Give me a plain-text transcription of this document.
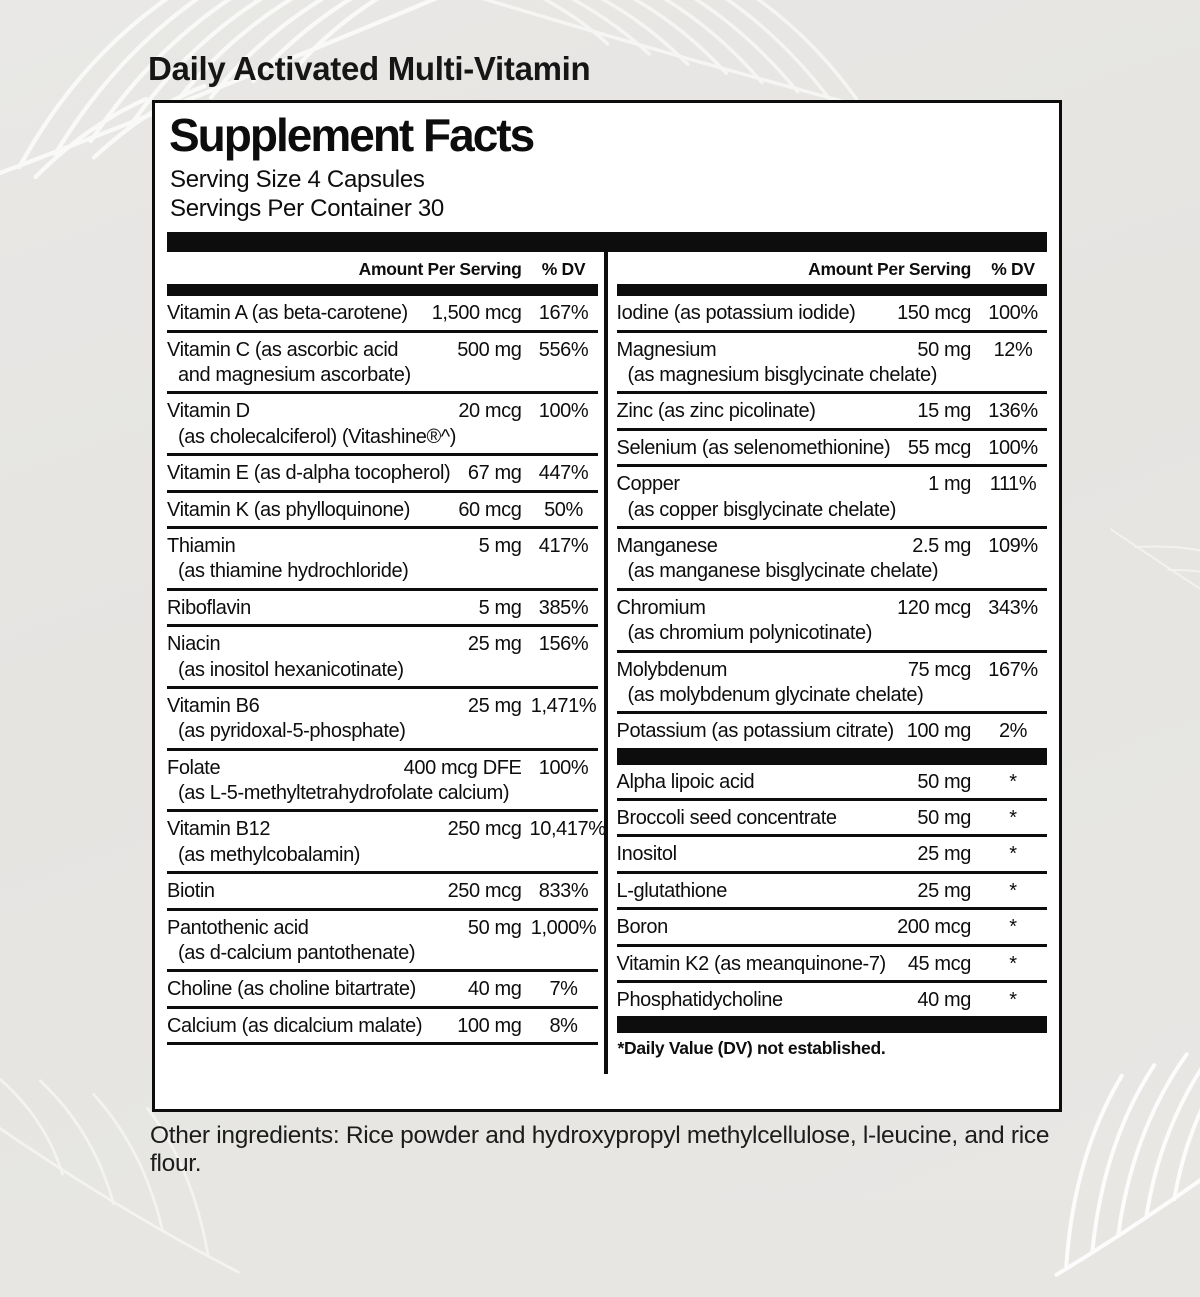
Daily Activated Multi-Vitamin
Supplement Facts
Serving Size 4 Capsules
Servings Per Container 30
Amount Per Serving	% DV
Vitamin A (as beta-carotene)	1,500 mcg 167%
Vitamin C (as ascorbic acid
and magnesium ascorbate)
500 mg 556%
Vitamin D
(as cholecalciferol) (Vitashine®^)
20 mcg 100%
Vitamin E (as d-alpha tocopherol) 67 mg 447%
Vitamin K (as phylloquinone)	60 mcg	50%
Thiamin
(as thiamine hydrochloride)
5 mg 417%
Riboflavin	5 mg 385%
Niacin
(as inositol hexanicotinate)
25 mg 156%
Vitamin B6
(as pyridoxal-5-phosphate)
25 mg 1,471%
Folate
(as L-5-methyltetrahydrofolate calcium)
400 mcg DFE 100%
Vitamin B12
(as methylcobalamin)
250 mcg 10,417%
Biotin	250 mcg 833%
Pantothenic acid
(as d-calcium pantothenate)
50 mg 1,000%
Choline (as choline bitartrate)	40 mg	7%
Calcium (as dicalcium malate)	100 mg	8%
Amount Per Serving	% DV
Iodine (as potassium iodide)	150 mcg 100%
Magnesium
(as magnesium bisglycinate chelate)
50 mg	12%
Zinc (as zinc picolinate)	15 mg 136%
Selenium (as selenomethionine) 55 mcg 100%
Copper
(as copper bisglycinate chelate)
1 mg 111%
Manganese
(as manganese bisglycinate chelate)
2.5 mg 109%
Chromium
(as chromium polynicotinate)
120 mcg 343%
Molybdenum
(as molybdenum glycinate chelate)
75 mcg 167%
Potassium (as potassium citrate) 100 mg	2%
Alpha lipoic acid	50 mg	*
Broccoli seed concentrate	50 mg	*
Inositol	25 mg	*
L-glutathione	25 mg	*
Boron	200 mcg	*
Vitamin K2 (as meanquinone-7)	45 mcg	*
Phosphatidycholine	40 mg	*
*Daily Value (DV) not established.
Other ingredients: Rice powder and hydroxypropyl methylcellulose, l-leucine, and rice flour.
